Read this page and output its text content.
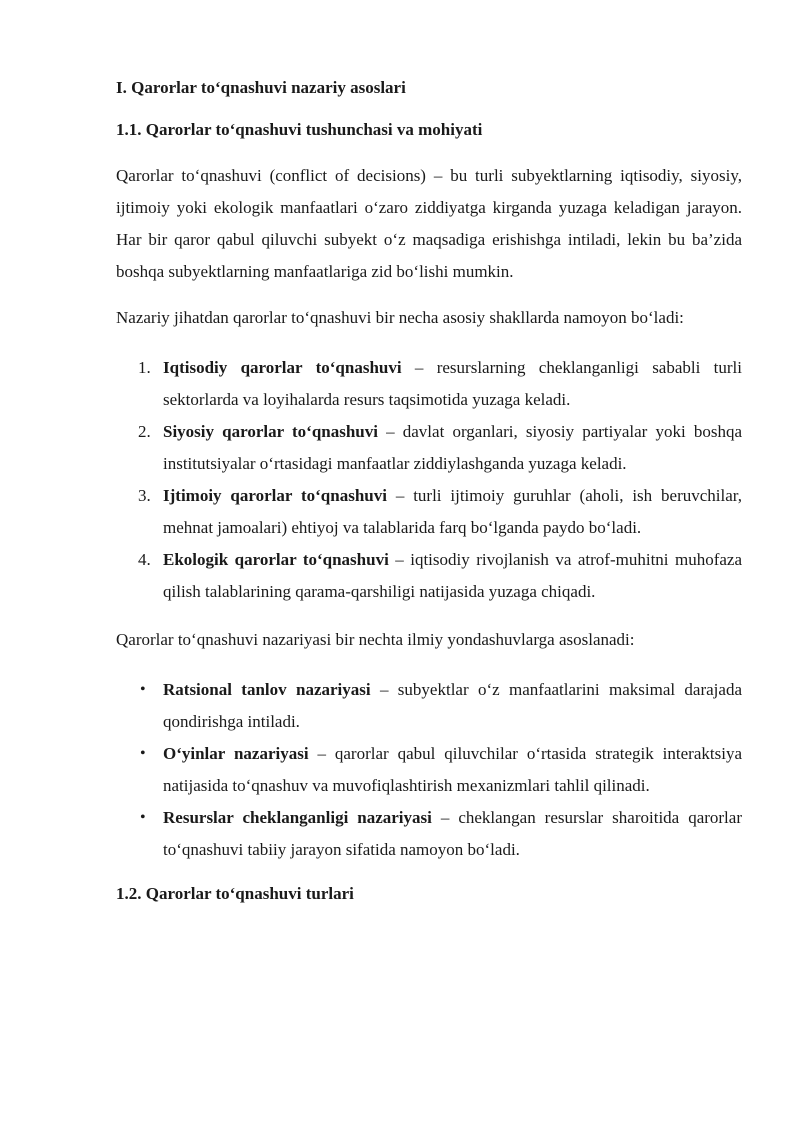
I. Qarorlar to‘qnashuvi nazariy asoslari

1.1. Qarorlar to‘qnashuvi tushunchasi va mohiyati

Qarorlar to‘qnashuvi (conflict of decisions) – bu turli subyektlarning iqtisodiy, siyosiy, ijtimoiy yoki ekologik manfaatlari o‘zaro ziddiyatga kirganda yuzaga keladigan jarayon. Har bir qaror qabul qiluvchi subyekt o‘z maqsadiga erishishga intiladi, lekin bu ba’zida boshqa subyektlarning manfaatlariga zid bo‘lishi mumkin.

Nazariy jihatdan qarorlar to‘qnashuvi bir necha asosiy shakllarda namoyon bo‘ladi:

1. Iqtisodiy qarorlar to‘qnashuvi – resurslarning cheklanganligi sababli turli sektorlarda va loyihalarda resurs taqsimotida yuzaga keladi.
2. Siyosiy qarorlar to‘qnashuvi – davlat organlari, siyosiy partiyalar yoki boshqa institutsiyalar o‘rtasidagi manfaatlar ziddiylashganda yuzaga keladi.
3. Ijtimoiy qarorlar to‘qnashuvi – turli ijtimoiy guruhlar (aholi, ish beruvchilar, mehnat jamoalari) ehtiyoj va talablarida farq bo‘lganda paydo bo‘ladi.
4. Ekologik qarorlar to‘qnashuvi – iqtisodiy rivojlanish va atrof-muhitni muhofaza qilish talablarining qarama-qarshiligi natijasida yuzaga chiqadi.

Qarorlar to‘qnashuvi nazariyasi bir nechta ilmiy yondashuvlarga asoslanadi:

• Ratsional tanlov nazariyasi – subyektlar o‘z manfaatlarini maksimal darajada qondirishga intiladi.
• O‘yinlar nazariyasi – qarorlar qabul qiluvchilar o‘rtasida strategik interaktsiya natijasida to‘qnashuv va muvofiqlashtirish mexanizmlari tahlil qilinadi.
• Resurslar cheklanganligi nazariyasi – cheklangan resurslar sharoitida qarorlar to‘qnashuvi tabiiy jarayon sifatida namoyon bo‘ladi.

1.2. Qarorlar to‘qnashuvi turlari
